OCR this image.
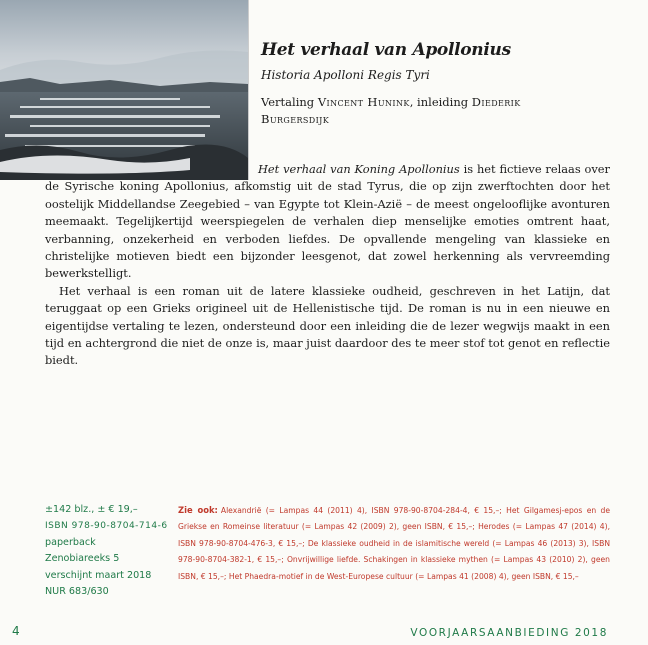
Het verhaal van Apollonius
Historia Apolloni Regis Tyri
Vertaling Vincent Hunink, inleiding Diederik Burgersdijk

Het verhaal van Koning Apollonius is het fictieve relaas over de Syrische koning Apollonius, afkomstig uit de stad Tyrus, die op zijn zwerftochten door het oostelijk Middellandse Zeegebied – van Egypte tot Klein-Azië – de meest ongelooflijke avonturen meemaakt. Tegelijkertijd weerspiegelen de verhalen diep menselijke emoties omtrent haat, verbanning, onzekerheid en verboden liefdes. De opvallende mengeling van klassieke en christelijke motieven biedt een bijzonder leesgenot, dat zowel herkenning als vervreemding bewerkstelligt.

Het verhaal is een roman uit de latere klassieke oudheid, geschreven in het Latijn, dat teruggaat op een Grieks origineel uit de Hellenistische tijd. De roman is nu in een nieuwe en eigentijdse vertaling te lezen, ondersteund door een inleiding die de lezer wegwijs maakt in een tijd en achtergrond die niet de onze is, maar juist daardoor des te meer stof tot genot en reflectie biedt.

±142 blz., ± € 19,–
ISBN 978-90-8704-714-6
paperback
Zenobiareeks 5
verschijnt maart 2018
NUR 683/630
Zie ook: Alexandrië (= Lampas 44 (2011) 4), ISBN 978-90-8704-284-4, € 15,–; Het Gilgamesj-epos en de Griekse en Romeinse literatuur (= Lampas 42 (2009) 2), geen ISBN, € 15,–; Herodes (= Lampas 47 (2014) 4), ISBN 978-90-8704-476-3, € 15,–; De klassieke oudheid in de islamitische wereld (= Lampas 46 (2013) 3), ISBN 978-90-8704-382-1, € 15,–; Onvrijwillige liefde. Schakingen in klassieke mythen (= Lampas 43 (2010) 2), geen ISBN, € 15,–; Het Phaedra-motief in de West-Europese cultuur (= Lampas 41 (2008) 4), geen ISBN, € 15,–
4	VOORJAARSAANBIEDING 2018
